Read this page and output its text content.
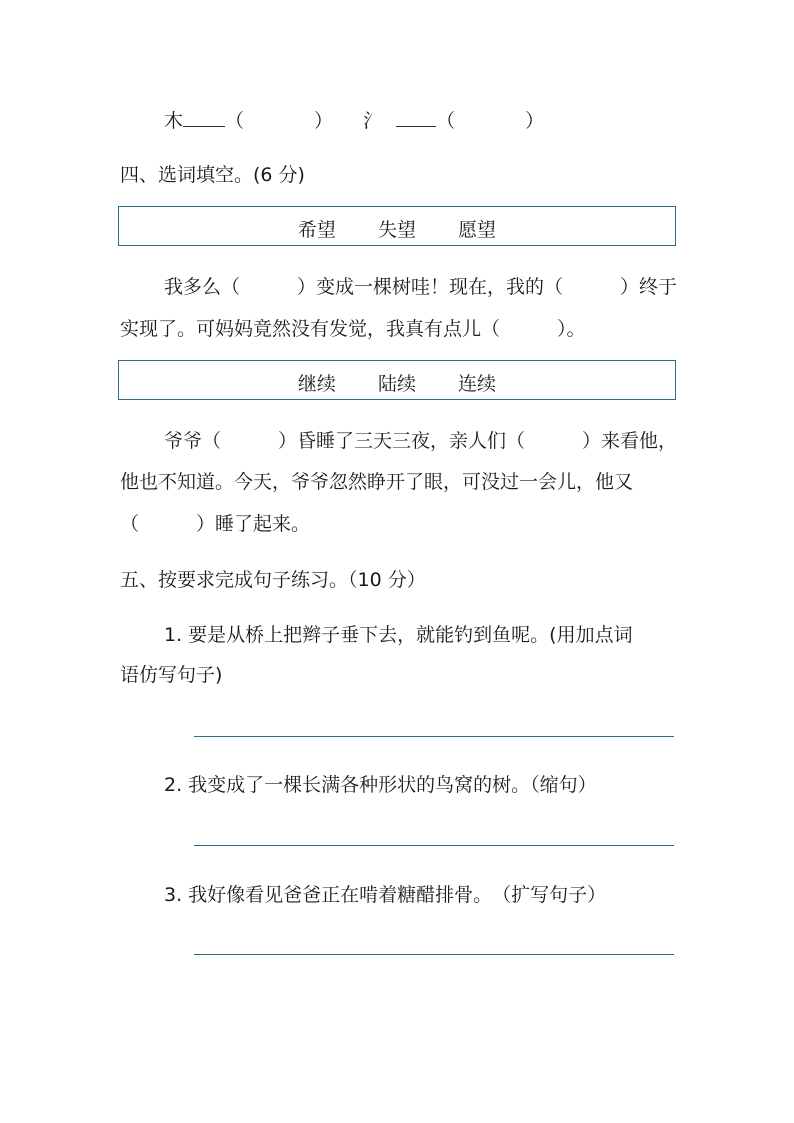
木 （	） 氵	（	）
四、选词填空。(6 分)
希望 失望 愿望
我多么（　　　）变成一棵树哇！现在，我的（　　　）终于
实现了。可妈妈竟然没有发觉，我真有点儿（　　　）。
继续 陆续 连续
爷爷（　　　）昏睡了三天三夜，亲人们（　　　）来看他，
他也不知道。今天，爷爷忽然睁开了眼，可没过一会儿，他又
（　　　）睡了起来。
五、按要求完成句子练习。（10 分）
1. 要是从桥上把辫子垂下去，就能钓到鱼呢。(用加点词
语仿写句子)
2. 我变成了一棵长满各种形状的鸟窝的树。（缩句）
3. 我好像看见爸爸正在啃着糖醋排骨。　（扩写句子）
